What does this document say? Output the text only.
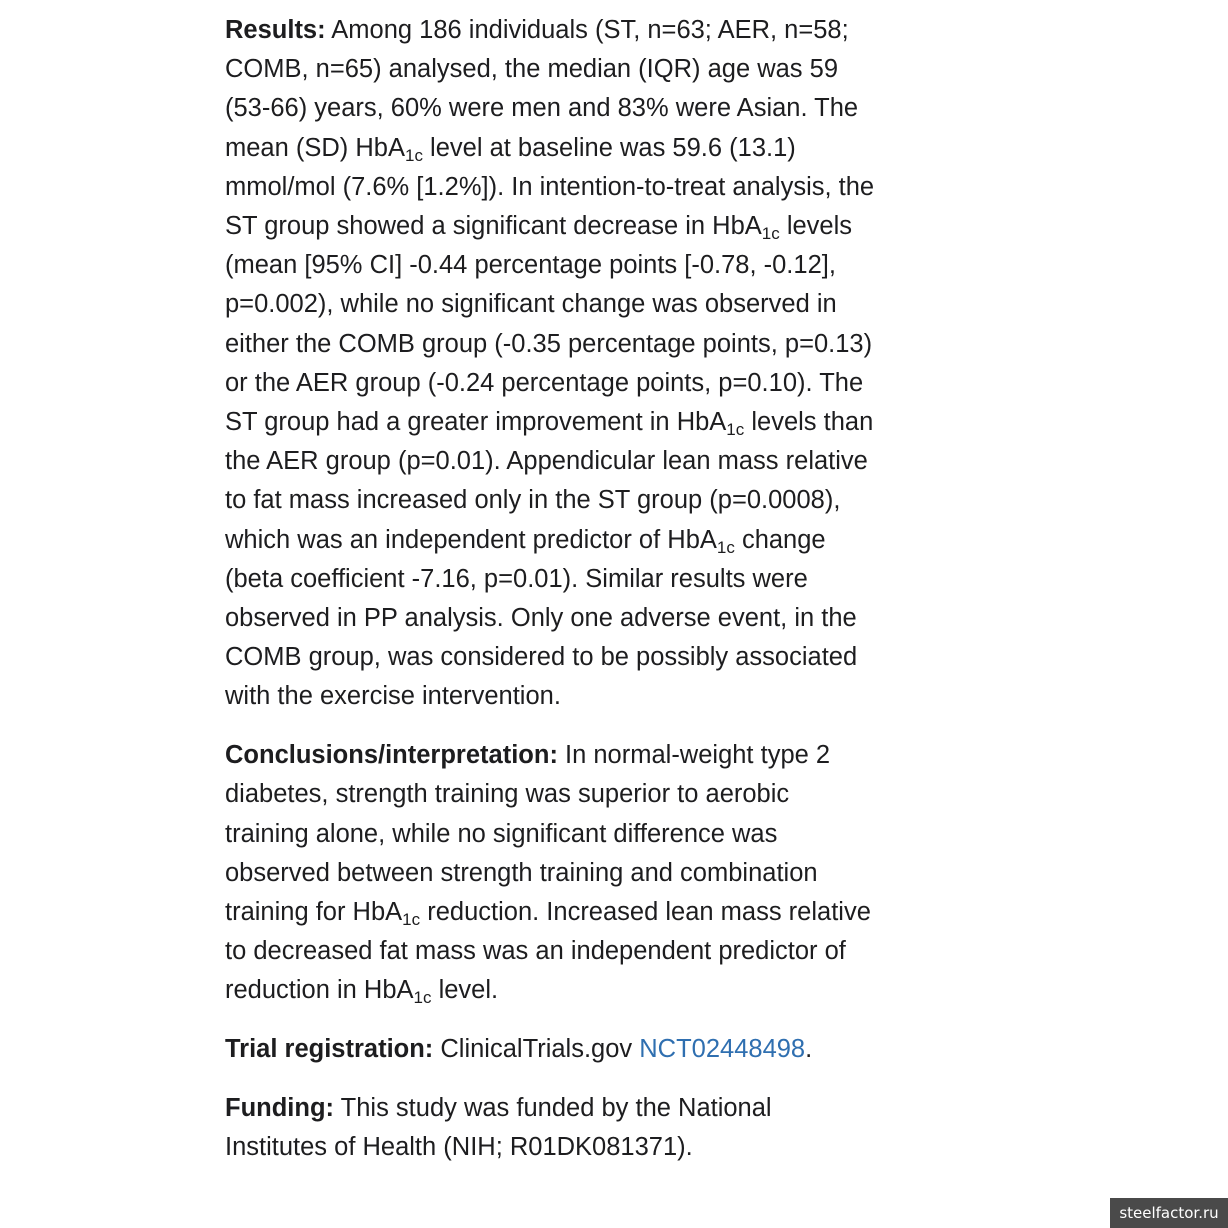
Results: Among 186 individuals (ST, n=63; AER, n=58; COMB, n=65) analysed, the median (IQR) age was 59 (53-66) years, 60% were men and 83% were Asian. The mean (SD) HbA$_{1c}$ level at baseline was 59.6 (13.1) mmol/mol (7.6% [1.2%]). In intention-to-treat analysis, the ST group showed a significant decrease in HbA$_{1c}$ levels (mean [95% CI] -0.44 percentage points [-0.78, -0.12], p=0.002), while no significant change was observed in either the COMB group (-0.35 percentage points, p=0.13) or the AER group (-0.24 percentage points, p=0.10). The ST group had a greater improvement in HbA$_{1c}$ levels than the AER group (p=0.01). Appendicular lean mass relative to fat mass increased only in the ST group (p=0.0008), which was an independent predictor of HbA$_{1c}$ change (beta coefficient -7.16, p=0.01). Similar results were observed in PP analysis. Only one adverse event, in the COMB group, was considered to be possibly associated with the exercise intervention.

Conclusions/interpretation: In normal-weight type 2 diabetes, strength training was superior to aerobic training alone, while no significant difference was observed between strength training and combination training for HbA$_{1c}$ reduction. Increased lean mass relative to decreased fat mass was an independent predictor of reduction in HbA$_{1c}$ level.

Trial registration: ClinicalTrials.gov NCT02448498.

Funding: This study was funded by the National Institutes of Health (NIH; R01DK081371).

steelfactor.ru
